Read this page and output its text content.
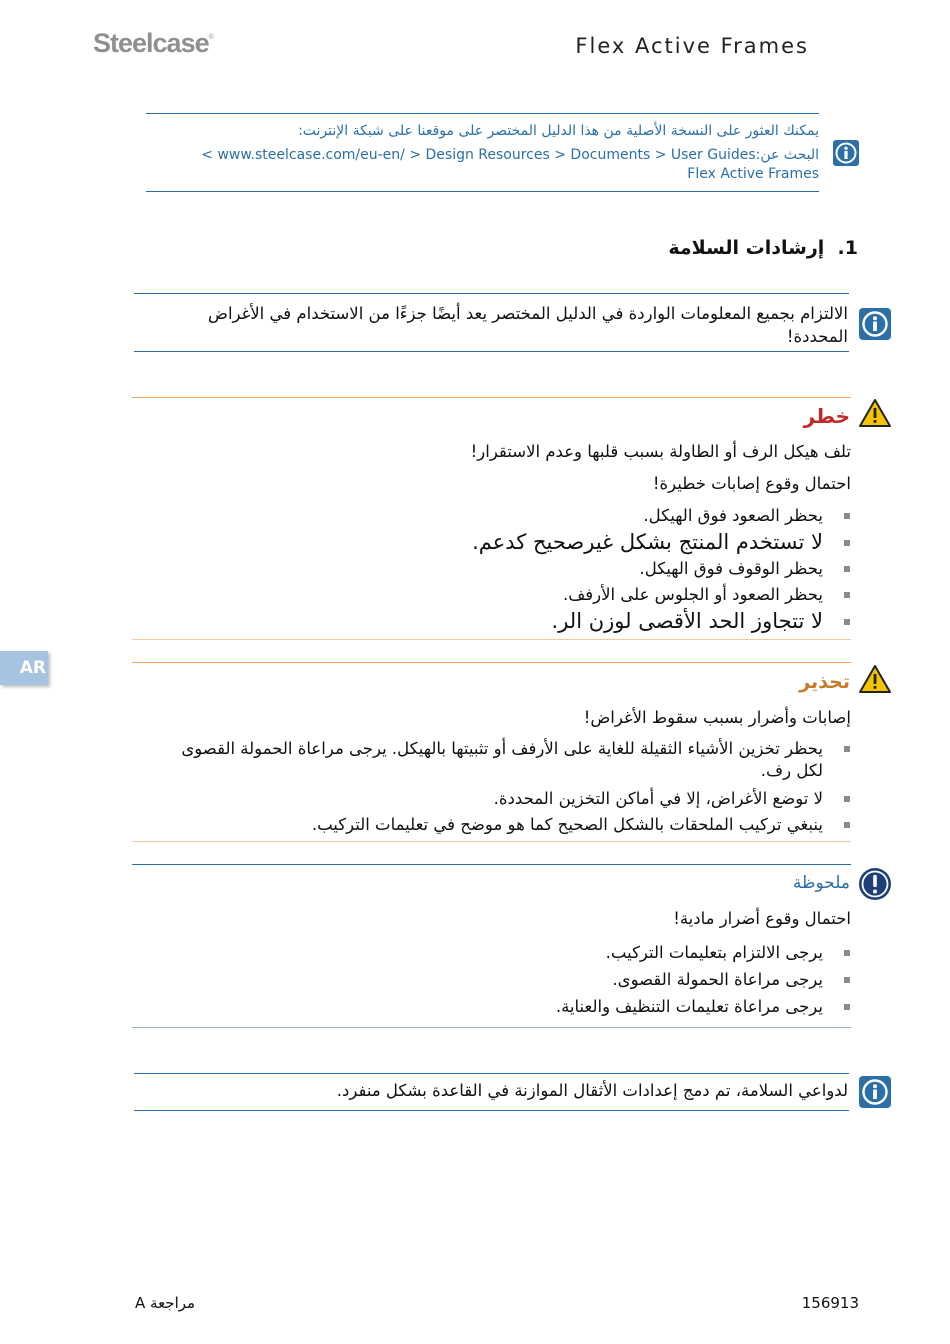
Steelcase®	Flex Active Frames
يمكنك العثور على النسخة الأصلية من هذا الدليل المختصر على موقعنا على شبكة الإنترنت:
البحث عن: < www.steelcase.com/eu-en/ > Design Resources > Documents > User Guides
Flex Active Frames
1.  إرشادات السلامة
الالتزام بجميع المعلومات الواردة في الدليل المختصر يعد أيضًا جزءًا من الاستخدام في الأغراض المحددة!
خطر
تلف هيكل الرف أو الطاولة بسبب قلبها وعدم الاستقرار!
احتمال وقوع إصابات خطيرة!
يحظر الصعود فوق الهيكل.
لا تستخدم المنتج بشكل غيرصحيح كدعم.
يحظر الوقوف فوق الهيكل.
يحظر الصعود أو الجلوس على الأرفف.
لا تتجاوز الحد الأقصى لوزن الر.
AR
تحذير
إصابات وأضرار بسبب سقوط الأغراض!
يحظر تخزين الأشياء الثقيلة للغاية على الأرفف أو تثبيتها بالهيكل. يرجى مراعاة الحمولة القصوى لكل رف.
لا توضع الأغراض، إلا في أماكن التخزين المحددة.
ينبغي تركيب الملحقات بالشكل الصحيح كما هو موضح في تعليمات التركيب.
ملحوظة
احتمال وقوع أضرار مادية!
يرجى الالتزام بتعليمات التركيب.
يرجى مراعاة الحمولة القصوى.
يرجى مراعاة تعليمات التنظيف والعناية.
لدواعي السلامة، تم دمج إعدادات الأثقال الموازنة في القاعدة بشكل منفرد.
مراجعة A	156913
